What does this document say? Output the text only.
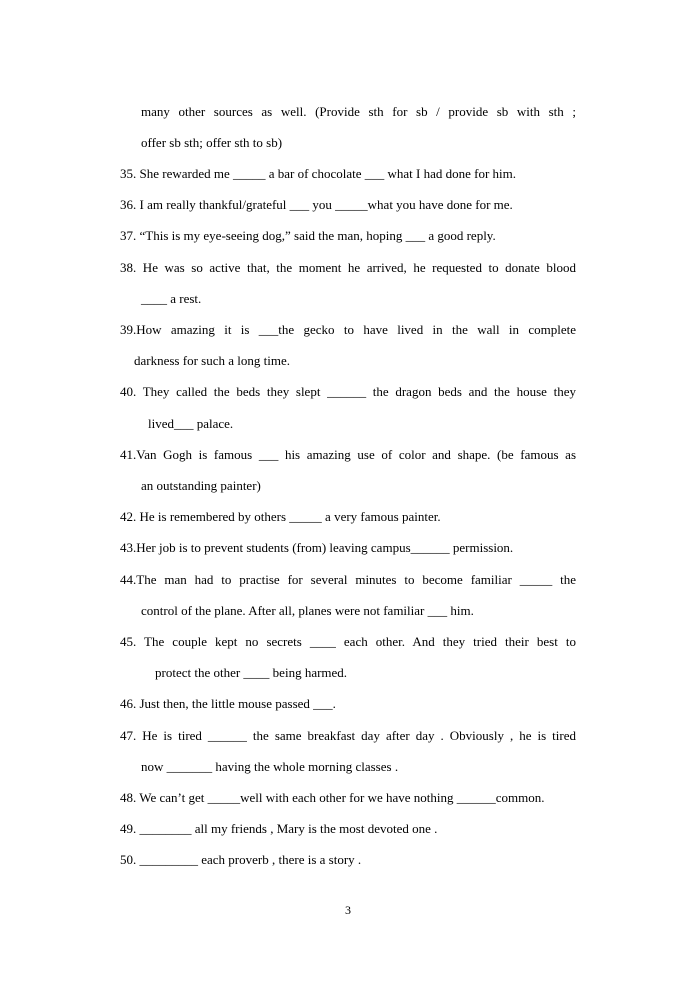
many other sources as well. (Provide sth for sb / provide sb with sth ;
offer sb sth; offer sth to sb)
35. She rewarded me _____ a bar of chocolate ___ what I had done for him.
36. I am really thankful/grateful ___ you _____what you have done for me.
37. “This is my eye-seeing dog,” said the man, hoping ___ a good reply.
38. He was so active that, the moment he arrived, he requested to donate blood
____ a rest.
39.How amazing it is ___the gecko to have lived in the wall in complete
darkness for such a long time.
40. They called the beds they slept ______ the dragon beds and the house they
lived___ palace.
41.Van Gogh is famous ___ his amazing use of color and shape. (be famous as
an outstanding painter)
42. He is remembered by others _____ a very famous painter.
43.Her job is to prevent students (from) leaving campus______ permission.
44.The man had to practise for several minutes to become familiar _____ the
control of the plane. After all, planes were not familiar ___ him.
45. The couple kept no secrets ____ each other. And they tried their best to
protect the other ____ being harmed.
46. Just then, the little mouse passed ___.
47. He is tired ______ the same breakfast day after day . Obviously , he is tired
now _______ having the whole morning classes .
48. We can’t get _____well with each other for we have nothing ______common.
49. ________ all my friends , Mary is the most devoted one .
50. _________ each proverb , there is a story .
3
